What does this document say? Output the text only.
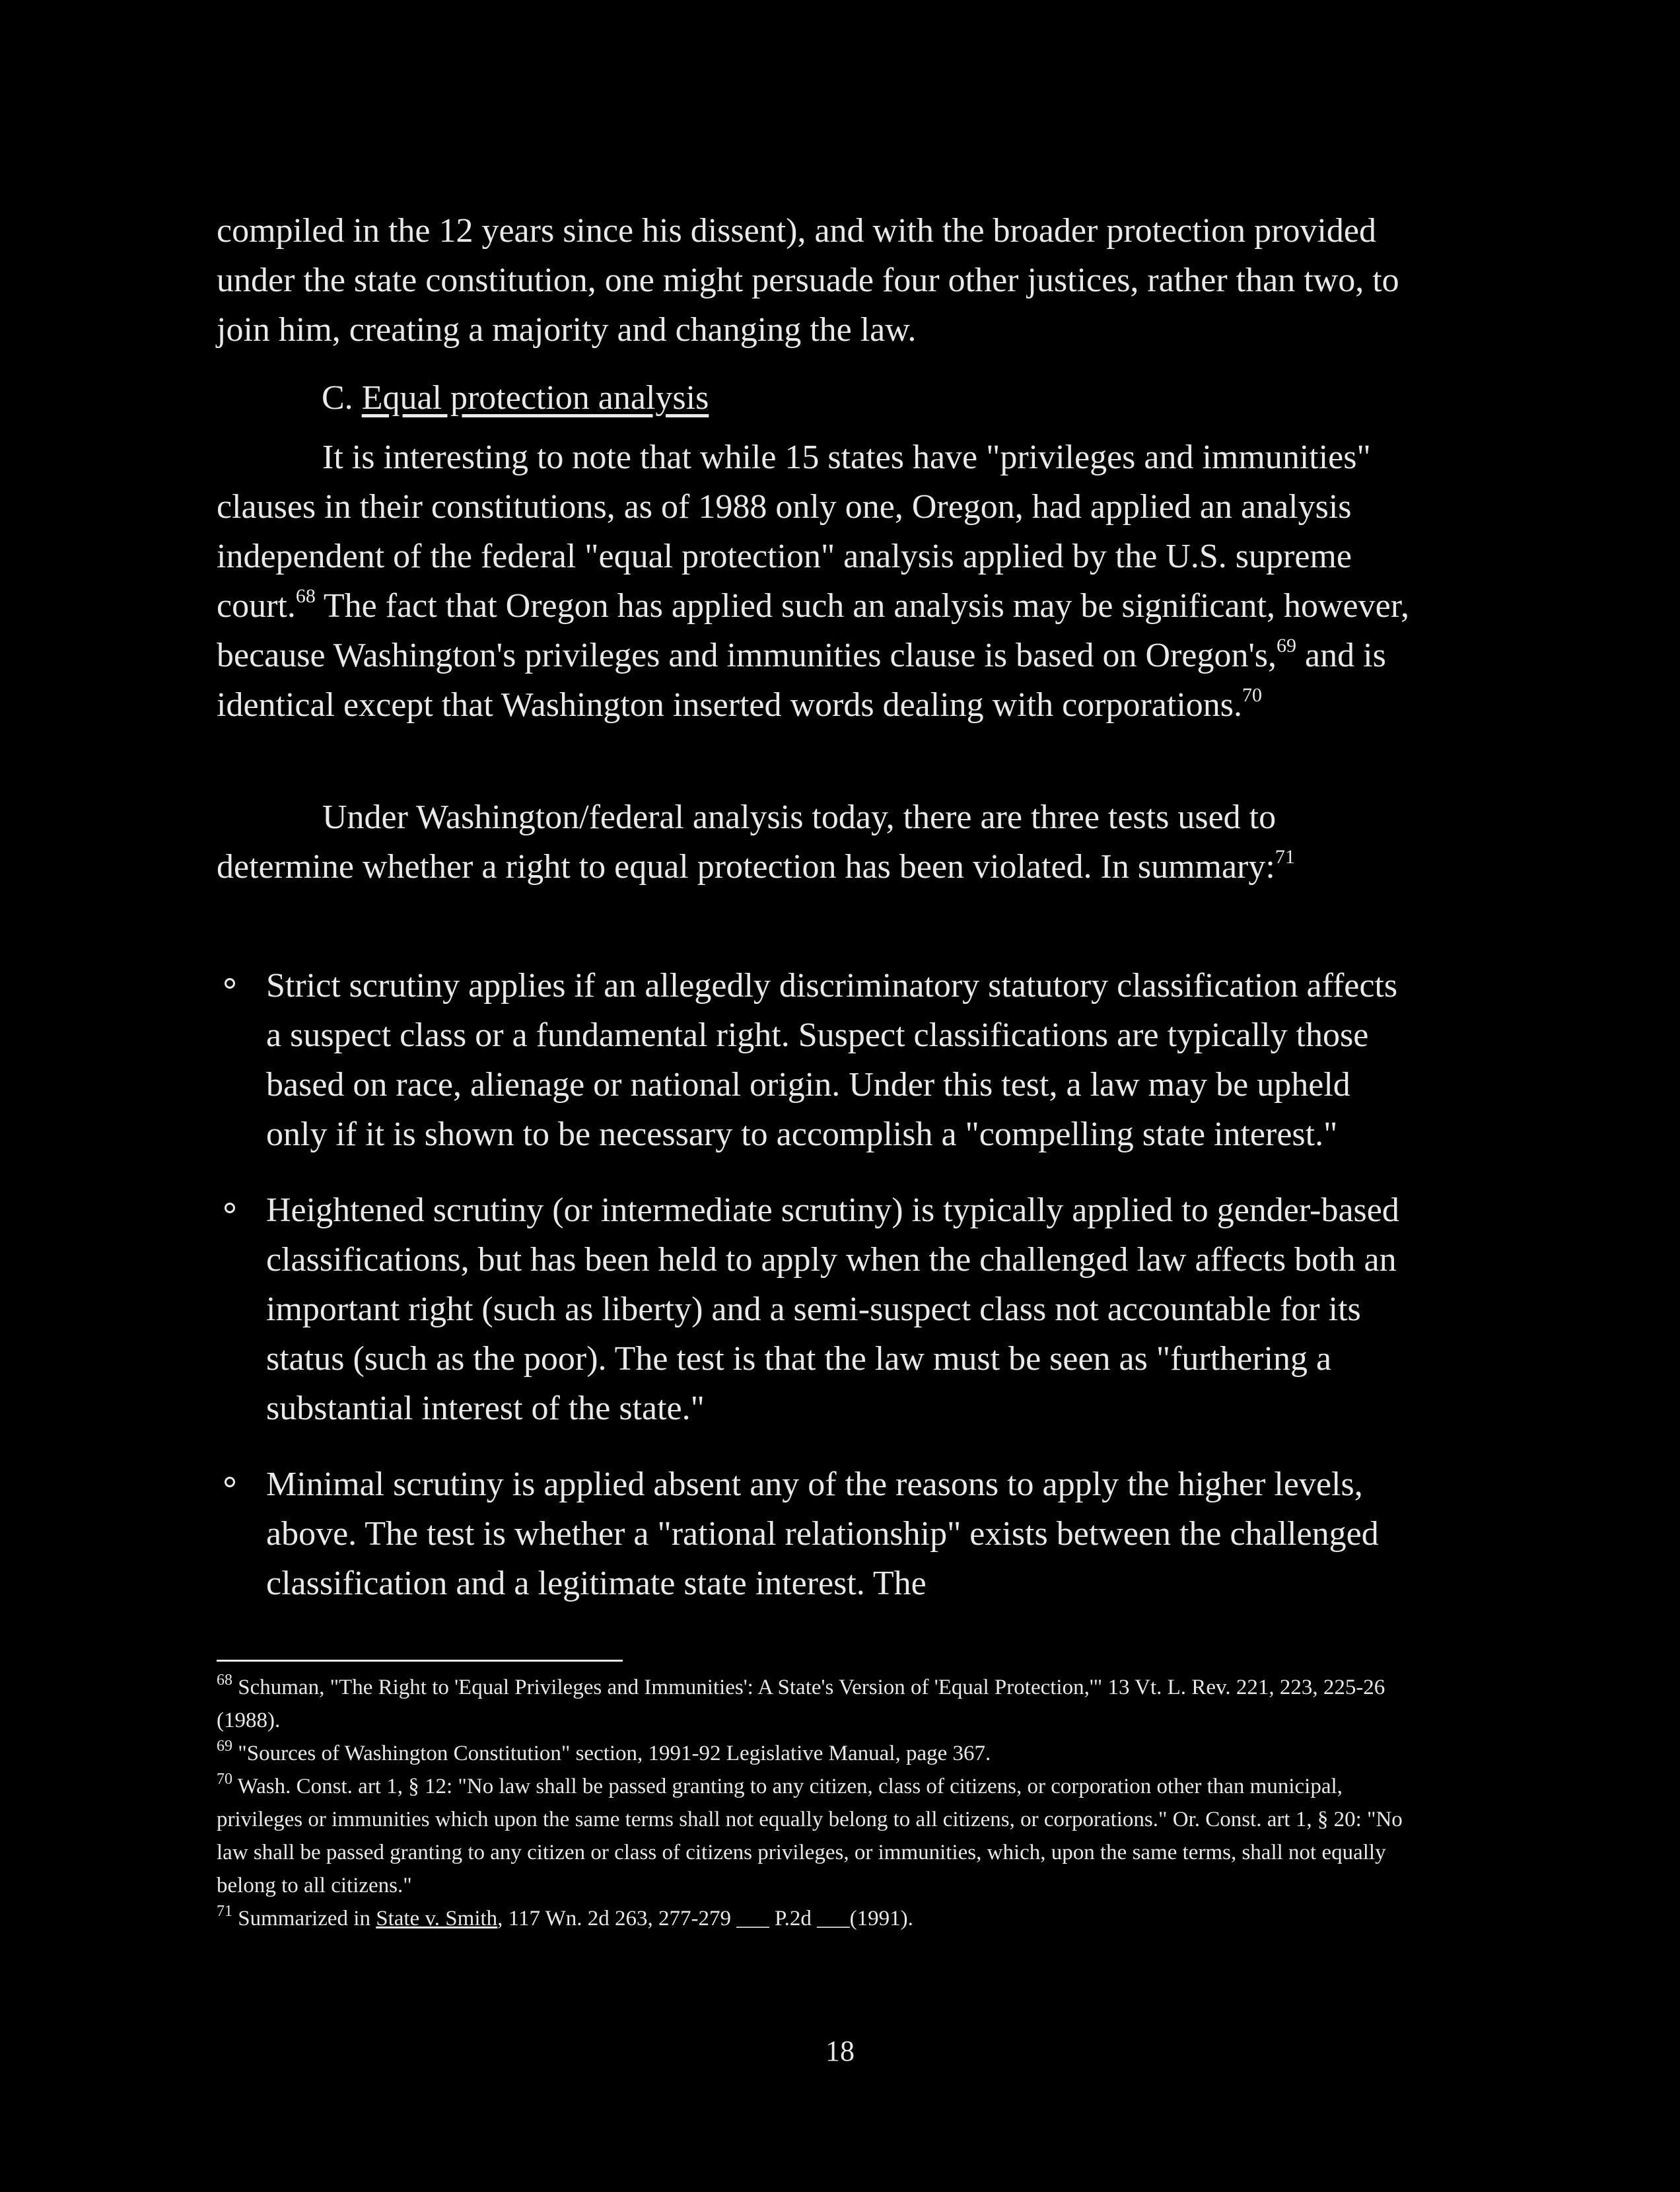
compiled in the 12 years since his dissent), and with the broader protection provided under the state constitution, one might persuade four other justices, rather than two, to join him, creating a majority and changing the law.

C. Equal protection analysis

It is interesting to note that while 15 states have "privileges and immunities" clauses in their constitutions, as of 1988 only one, Oregon, had applied an analysis independent of the federal "equal protection" analysis applied by the U.S. supreme court.$^{68}$ The fact that Oregon has applied such an analysis may be significant, however, because Washington's privileges and immunities clause is based on Oregon's,$^{69}$ and is identical except that Washington inserted words dealing with corporations.$^{70}$

Under Washington/federal analysis today, there are three tests used to determine whether a right to equal protection has been violated. In summary:$^{71}$

Strict scrutiny applies if an allegedly discriminatory statutory classification affects a suspect class or a fundamental right. Suspect classifications are typically those based on race, alienage or national origin. Under this test, a law may be upheld only if it is shown to be necessary to accomplish a "compelling state interest."
Heightened scrutiny (or intermediate scrutiny) is typically applied to gender-based classifications, but has been held to apply when the challenged law affects both an important right (such as liberty) and a semi-suspect class not accountable for its status (such as the poor). The test is that the law must be seen as "furthering a substantial interest of the state."
Minimal scrutiny is applied absent any of the reasons to apply the higher levels, above. The test is whether a "rational relationship" exists between the challenged classification and a legitimate state interest. The
$^{68}$ Schuman, "The Right to 'Equal Privileges and Immunities': A State's Version of 'Equal Protection,'" 13 Vt. L. Rev. 221, 223, 225-26 (1988).
$^{69}$ "Sources of Washington Constitution" section, 1991-92 Legislative Manual, page 367.
$^{70}$ Wash. Const. art 1, § 12: "No law shall be passed granting to any citizen, class of citizens, or corporation other than municipal, privileges or immunities which upon the same terms shall not equally belong to all citizens, or corporations." Or. Const. art 1, § 20: "No law shall be passed granting to any citizen or class of citizens privileges, or immunities, which, upon the same terms, shall not equally belong to all citizens."
$^{71}$ Summarized in State v. Smith, 117 Wn. 2d 263, 277-279 ___ P.2d ___(1991).
18
